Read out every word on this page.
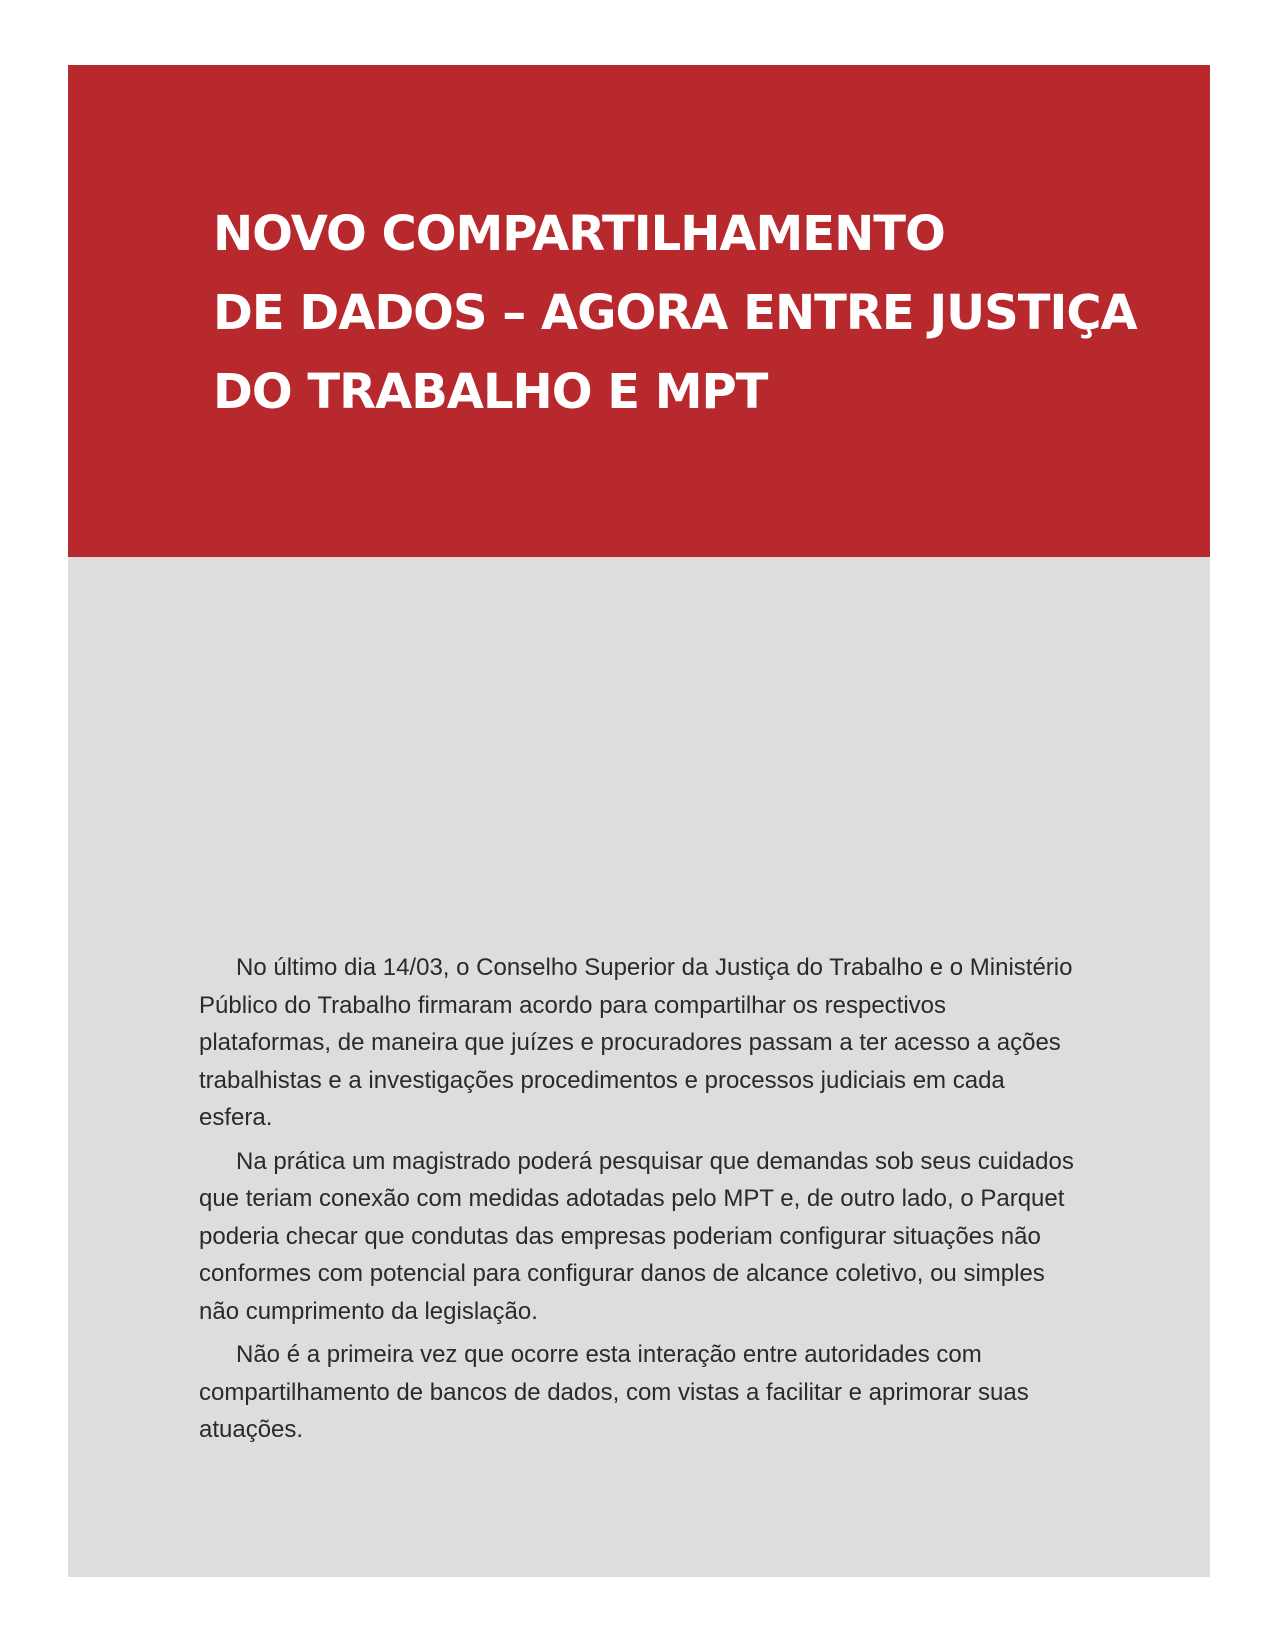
NOVO COMPARTILHAMENTO
DE DADOS – AGORA ENTRE JUSTIÇA
DO TRABALHO E MPT

No último dia 14/03, o Conselho Superior da Justiça do Trabalho e o Ministério Público do Trabalho firmaram acordo para compartilhar os respectivos plataformas, de maneira que juízes e procuradores passam a ter acesso a ações trabalhistas e a investigações procedimentos e processos judiciais em cada esfera.

Na prática um magistrado poderá pesquisar que demandas sob seus cuidados que teriam conexão com medidas adotadas pelo MPT e, de outro lado, o Parquet poderia checar que condutas das empresas poderiam configurar situações não conformes com potencial para configurar danos de alcance coletivo, ou simples não cumprimento da legislação.

Não é a primeira vez que ocorre esta interação entre autoridades com compartilhamento de bancos de dados, com vistas a facilitar e aprimorar suas atuações.
